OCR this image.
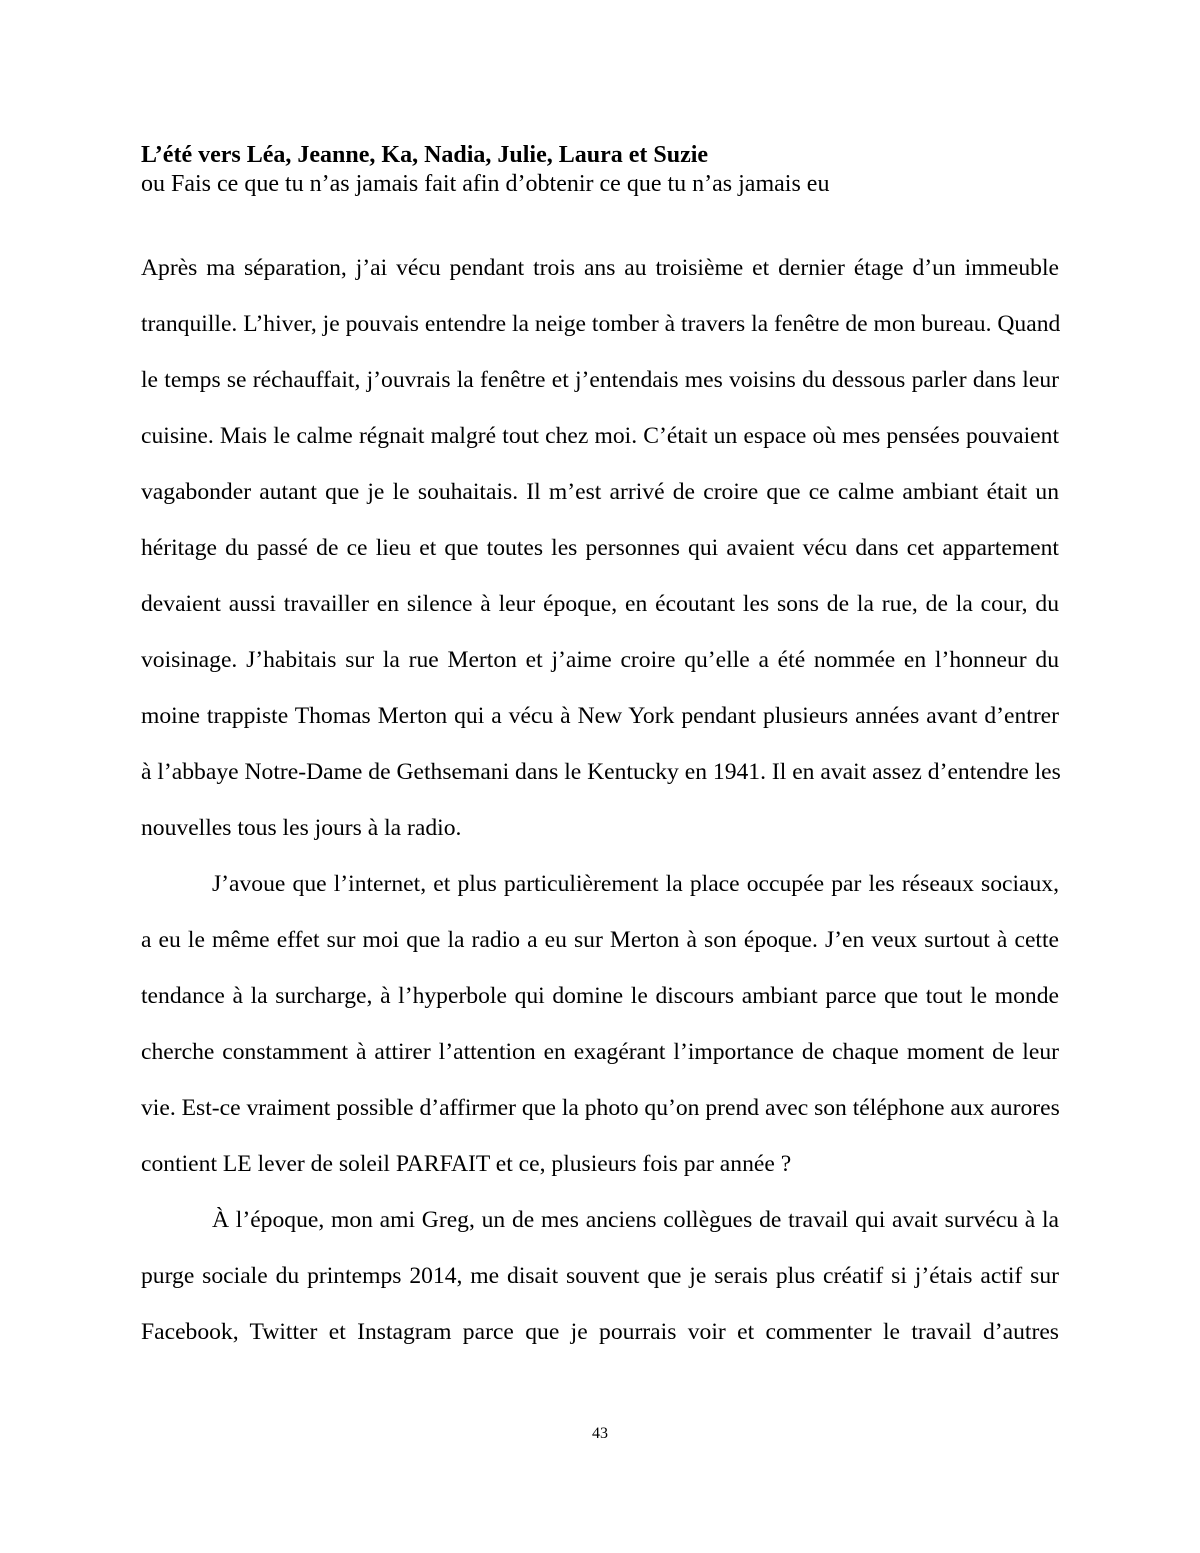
L’été vers Léa, Jeanne, Ka, Nadia, Julie, Laura et Suzie
ou Fais ce que tu n’as jamais fait afin d’obtenir ce que tu n’as jamais eu
Après ma séparation, j’ai vécu pendant trois ans au troisième et dernier étage d’un immeuble
tranquille. L’hiver, je pouvais entendre la neige tomber à travers la fenêtre de mon bureau. Quand
le temps se réchauffait, j’ouvrais la fenêtre et j’entendais mes voisins du dessous parler dans leur
cuisine. Mais le calme régnait malgré tout chez moi. C’était un espace où mes pensées pouvaient
vagabonder autant que je le souhaitais. Il m’est arrivé de croire que ce calme ambiant était un
héritage du passé de ce lieu et que toutes les personnes qui avaient vécu dans cet appartement
devaient aussi travailler en silence à leur époque, en écoutant les sons de la rue, de la cour, du
voisinage. J’habitais sur la rue Merton et j’aime croire qu’elle a été nommée en l’honneur du
moine trappiste Thomas Merton qui a vécu à New York pendant plusieurs années avant d’entrer
à l’abbaye Notre-Dame de Gethsemani dans le Kentucky en 1941. Il en avait assez d’entendre les
nouvelles tous les jours à la radio.
J’avoue que l’internet, et plus particulièrement la place occupée par les réseaux sociaux,
a eu le même effet sur moi que la radio a eu sur Merton à son époque. J’en veux surtout à cette
tendance à la surcharge, à l’hyperbole qui domine le discours ambiant parce que tout le monde
cherche constamment à attirer l’attention en exagérant l’importance de chaque moment de leur
vie. Est-ce vraiment possible d’affirmer que la photo qu’on prend avec son téléphone aux aurores
contient LE lever de soleil PARFAIT et ce, plusieurs fois par année ?
À l’époque, mon ami Greg, un de mes anciens collègues de travail qui avait survécu à la
purge sociale du printemps 2014, me disait souvent que je serais plus créatif si j’étais actif sur
Facebook, Twitter et Instagram parce que je pourrais voir et commenter le travail d’autres
43
